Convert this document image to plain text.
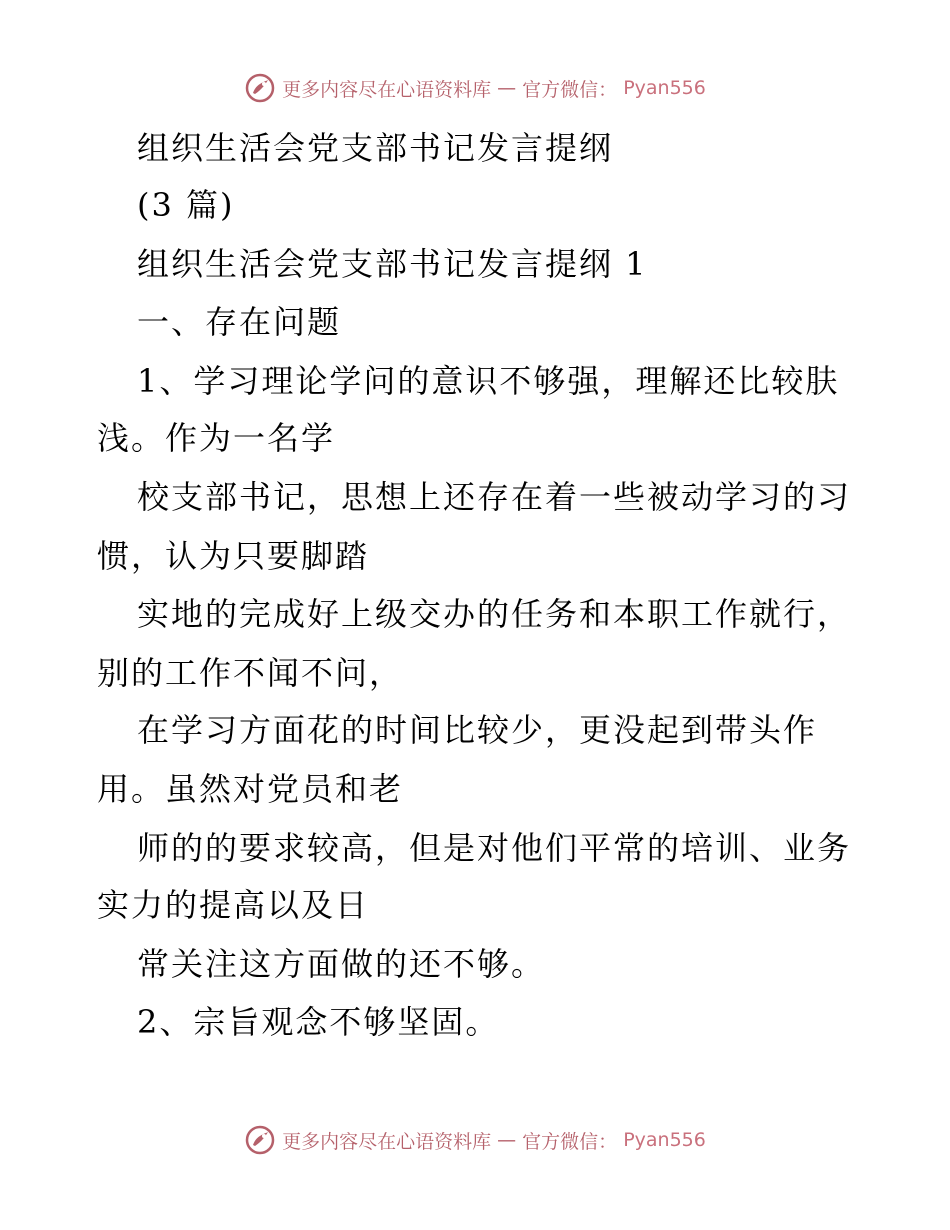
更多内容尽在心语资料库 — 官方微信： Pyan556
组织生活会党支部书记发言提纲
(3 篇)
组织生活会党支部书记发言提纲 1
一、存在问题
1、学习理论学问的意识不够强，理解还比较肤
浅。作为一名学
校支部书记，思想上还存在着一些被动学习的习
惯，认为只要脚踏
实地的完成好上级交办的任务和本职工作就行，
别的工作不闻不问，
在学习方面花的时间比较少，更没起到带头作
用。虽然对党员和老
师的的要求较高，但是对他们平常的培训、业务
实力的提高以及日
常关注这方面做的还不够。
2、宗旨观念不够坚固。
更多内容尽在心语资料库 — 官方微信： Pyan556
